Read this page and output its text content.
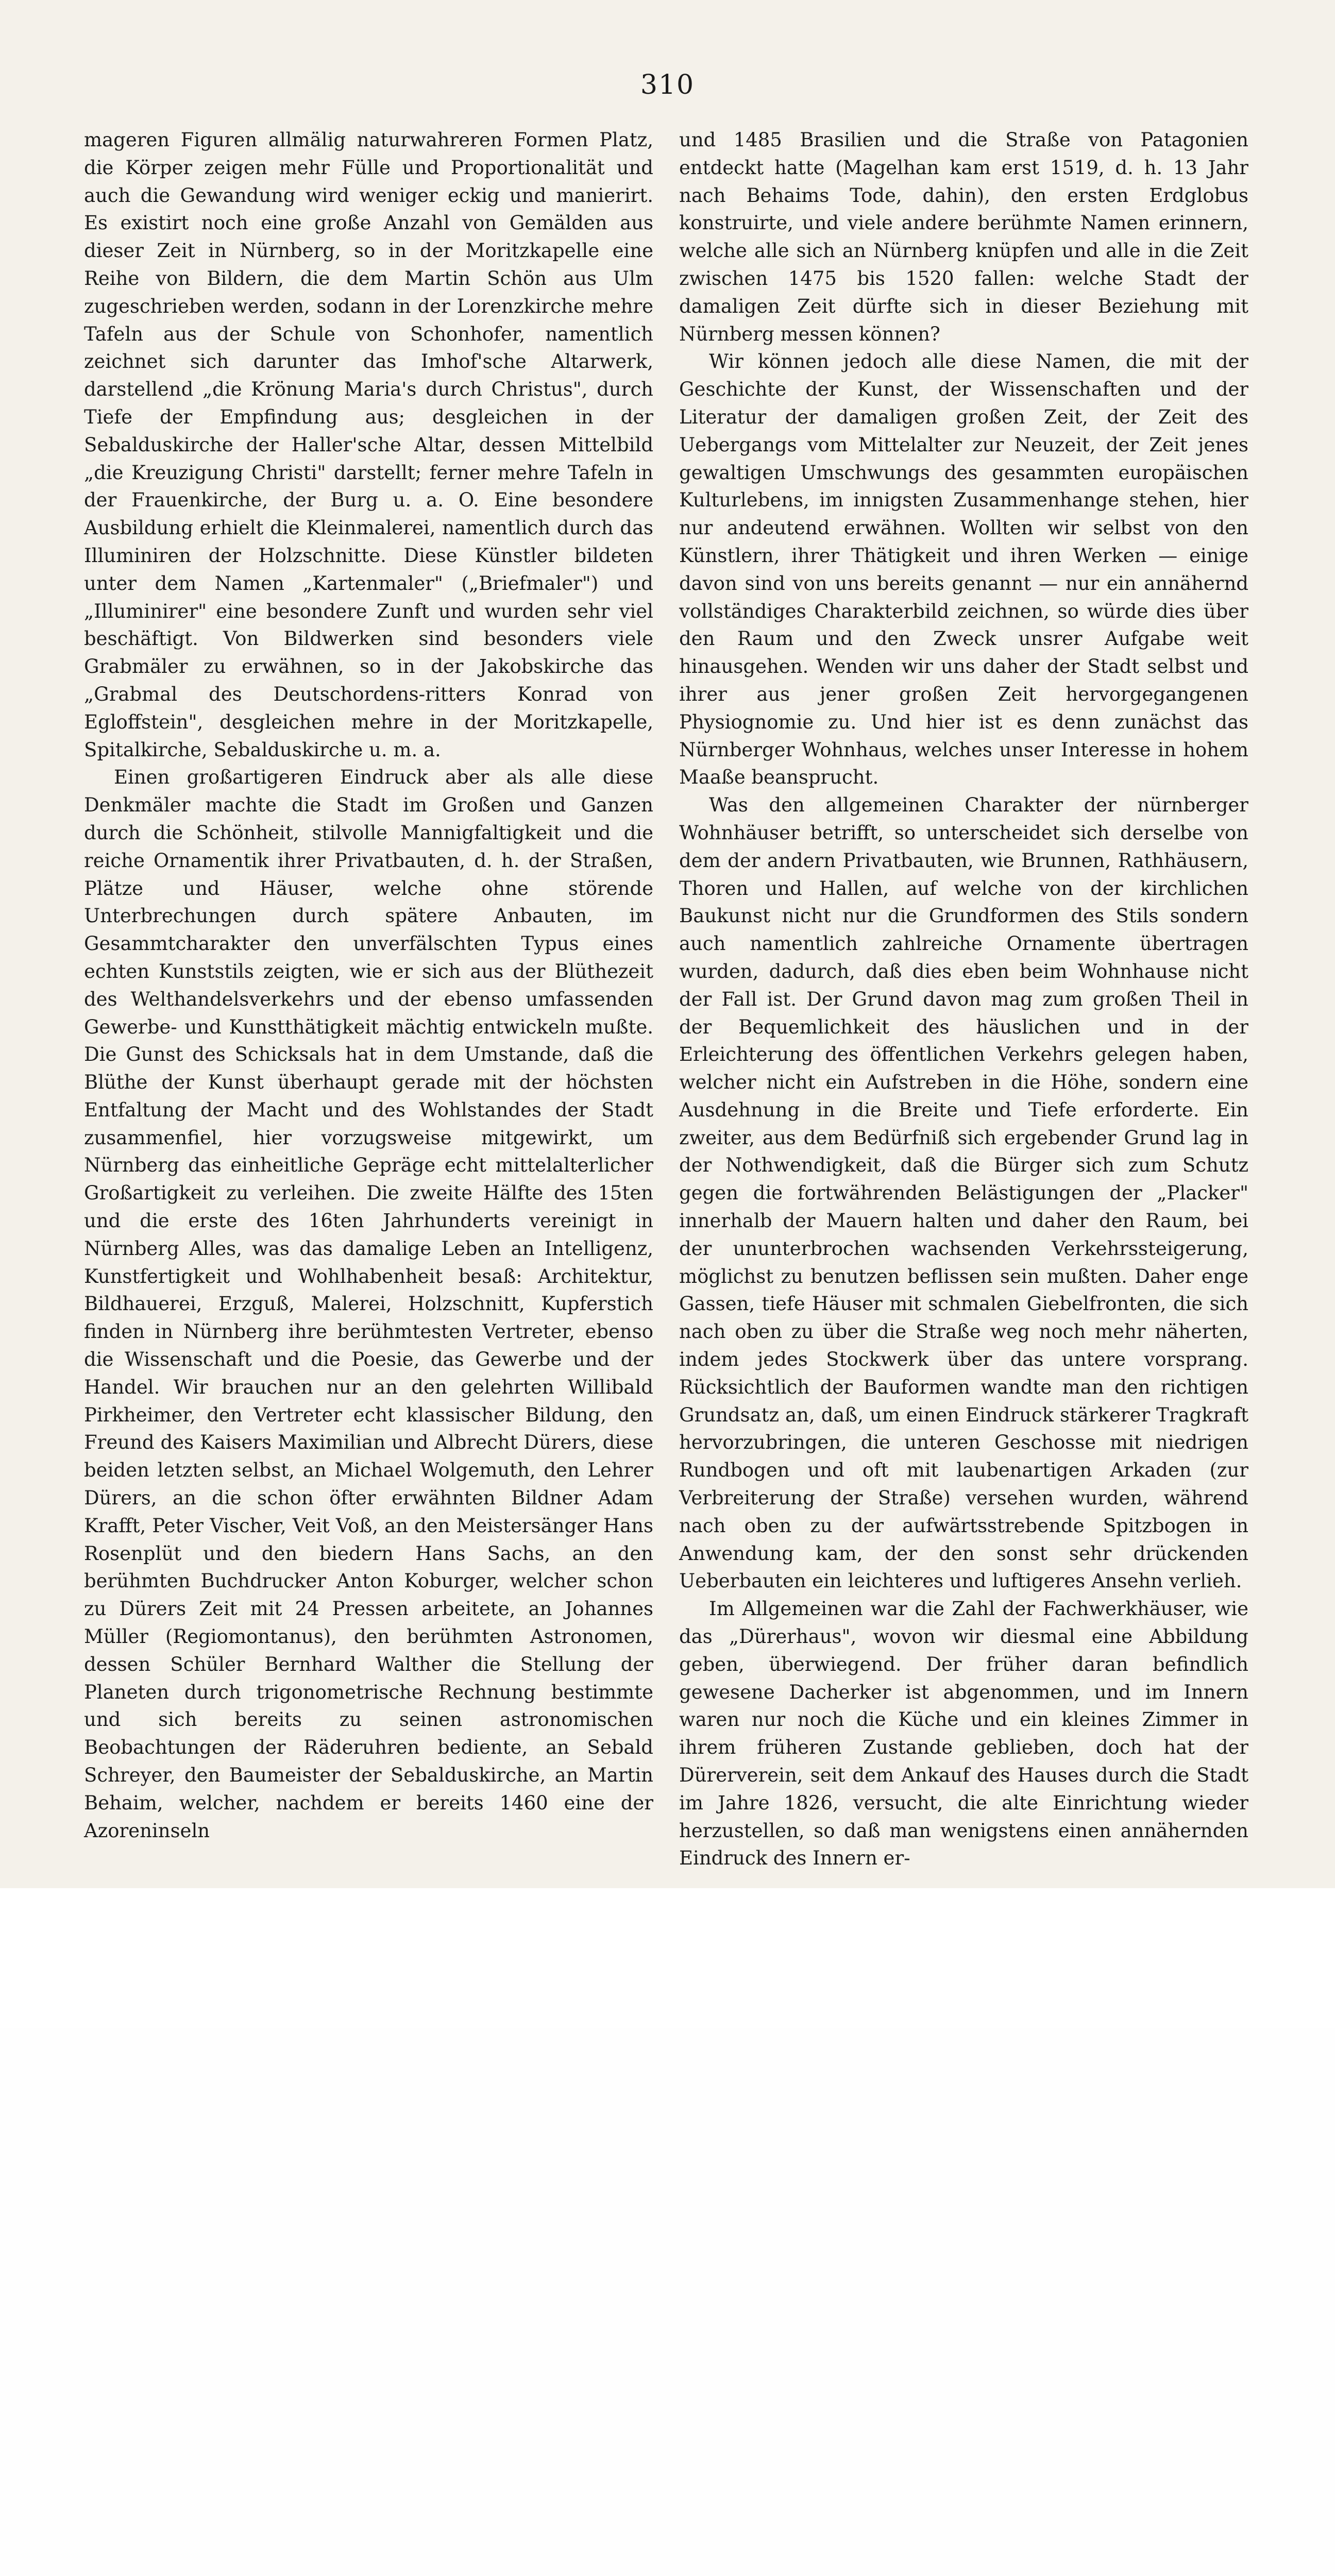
310

mageren Figuren allmälig naturwahreren Formen Platz, die Körper zeigen mehr Fülle und Proportionalität und auch die Gewandung wird weniger eckig und manierirt. Es existirt noch eine große Anzahl von Gemälden aus dieser Zeit in Nürnberg, so in der Moritzkapelle eine Reihe von Bildern, die dem Martin Schön aus Ulm zugeschrieben werden, sodann in der Lorenzkirche mehre Tafeln aus der Schule von Schonhofer, namentlich zeichnet sich darunter das Imhof'sche Altarwerk, darstellend „die Krönung Maria's durch Christus", durch Tiefe der Empfindung aus; desgleichen in der Sebalduskirche der Haller'sche Altar, dessen Mittelbild „die Kreuzigung Christi" darstellt; ferner mehre Tafeln in der Frauenkirche, der Burg u. a. O. Eine besondere Ausbildung erhielt die Kleinmalerei, namentlich durch das Illuminiren der Holzschnitte. Diese Künstler bildeten unter dem Namen „Kartenmaler" („Briefmaler") und „Illuminirer" eine besondere Zunft und wurden sehr viel beschäftigt. Von Bildwerken sind besonders viele Grabmäler zu erwähnen, so in der Jakobskirche das „Grabmal des Deutschordens-ritters Konrad von Egloffstein", desgleichen mehre in der Moritzkapelle, Spitalkirche, Sebalduskirche u. m. a.

Einen großartigeren Eindruck aber als alle diese Denkmäler machte die Stadt im Großen und Ganzen durch die Schönheit, stilvolle Mannigfaltigkeit und die reiche Ornamentik ihrer Privatbauten, d. h. der Straßen, Plätze und Häuser, welche ohne störende Unterbrechungen durch spätere Anbauten, im Gesammtcharakter den unverfälschten Typus eines echten Kunststils zeigten, wie er sich aus der Blüthezeit des Welthandelsverkehrs und der ebenso umfassenden Gewerbe- und Kunstthätigkeit mächtig entwickeln mußte. Die Gunst des Schicksals hat in dem Umstande, daß die Blüthe der Kunst überhaupt gerade mit der höchsten Entfaltung der Macht und des Wohlstandes der Stadt zusammenfiel, hier vorzugsweise mitgewirkt, um Nürnberg das einheitliche Gepräge echt mittelalterlicher Großartigkeit zu verleihen. Die zweite Hälfte des 15ten und die erste des 16ten Jahrhunderts vereinigt in Nürnberg Alles, was das damalige Leben an Intelligenz, Kunstfertigkeit und Wohlhabenheit besaß: Architektur, Bildhauerei, Erzguß, Malerei, Holzschnitt, Kupferstich finden in Nürnberg ihre berühmtesten Vertreter, ebenso die Wissenschaft und die Poesie, das Gewerbe und der Handel. Wir brauchen nur an den gelehrten Willibald Pirkheimer, den Vertreter echt klassischer Bildung, den Freund des Kaisers Maximilian und Albrecht Dürers, diese beiden letzten selbst, an Michael Wolgemuth, den Lehrer Dürers, an die schon öfter erwähnten Bildner Adam Krafft, Peter Vischer, Veit Voß, an den Meistersänger Hans Rosenplüt und den biedern Hans Sachs, an den berühmten Buchdrucker Anton Koburger, welcher schon zu Dürers Zeit mit 24 Pressen arbeitete, an Johannes Müller (Regiomontanus), den berühmten Astronomen, dessen Schüler Bernhard Walther die Stellung der Planeten durch trigonometrische Rechnung bestimmte und sich bereits zu seinen astronomischen Beobachtungen der Räderuhren bediente, an Sebald Schreyer, den Baumeister der Sebalduskirche, an Martin Behaim, welcher, nachdem er bereits 1460 eine der Azoreninseln

und 1485 Brasilien und die Straße von Patagonien entdeckt hatte (Magelhan kam erst 1519, d. h. 13 Jahr nach Behaims Tode, dahin), den ersten Erdglobus konstruirte, und viele andere berühmte Namen erinnern, welche alle sich an Nürnberg knüpfen und alle in die Zeit zwischen 1475 bis 1520 fallen: welche Stadt der damaligen Zeit dürfte sich in dieser Beziehung mit Nürnberg messen können?

Wir können jedoch alle diese Namen, die mit der Geschichte der Kunst, der Wissenschaften und der Literatur der damaligen großen Zeit, der Zeit des Uebergangs vom Mittelalter zur Neuzeit, der Zeit jenes gewaltigen Umschwungs des gesammten europäischen Kulturlebens, im innigsten Zusammenhange stehen, hier nur andeutend erwähnen. Wollten wir selbst von den Künstlern, ihrer Thätigkeit und ihren Werken — einige davon sind von uns bereits genannt — nur ein annähernd vollständiges Charakterbild zeichnen, so würde dies über den Raum und den Zweck unsrer Aufgabe weit hinausgehen. Wenden wir uns daher der Stadt selbst und ihrer aus jener großen Zeit hervorgegangenen Physiognomie zu. Und hier ist es denn zunächst das Nürnberger Wohnhaus, welches unser Interesse in hohem Maaße beansprucht.

Was den allgemeinen Charakter der nürnberger Wohnhäuser betrifft, so unterscheidet sich derselbe von dem der andern Privatbauten, wie Brunnen, Rathhäusern, Thoren und Hallen, auf welche von der kirchlichen Baukunst nicht nur die Grundformen des Stils sondern auch namentlich zahlreiche Ornamente übertragen wurden, dadurch, daß dies eben beim Wohnhause nicht der Fall ist. Der Grund davon mag zum großen Theil in der Bequemlichkeit des häuslichen und in der Erleichterung des öffentlichen Verkehrs gelegen haben, welcher nicht ein Aufstreben in die Höhe, sondern eine Ausdehnung in die Breite und Tiefe erforderte. Ein zweiter, aus dem Bedürfniß sich ergebender Grund lag in der Nothwendigkeit, daß die Bürger sich zum Schutz gegen die fortwährenden Belästigungen der „Placker" innerhalb der Mauern halten und daher den Raum, bei der ununterbrochen wachsenden Verkehrssteigerung, möglichst zu benutzen beflissen sein mußten. Daher enge Gassen, tiefe Häuser mit schmalen Giebelfronten, die sich nach oben zu über die Straße weg noch mehr näherten, indem jedes Stockwerk über das untere vorsprang. Rücksichtlich der Bauformen wandte man den richtigen Grundsatz an, daß, um einen Eindruck stärkerer Tragkraft hervorzubringen, die unteren Geschosse mit niedrigen Rundbogen und oft mit laubenartigen Arkaden (zur Verbreiterung der Straße) versehen wurden, während nach oben zu der aufwärtsstrebende Spitzbogen in Anwendung kam, der den sonst sehr drückenden Ueberbauten ein leichteres und luftigeres Ansehn verlieh.

Im Allgemeinen war die Zahl der Fachwerkhäuser, wie das „Dürerhaus", wovon wir diesmal eine Abbildung geben, überwiegend. Der früher daran befindlich gewesene Dacherker ist abgenommen, und im Innern waren nur noch die Küche und ein kleines Zimmer in ihrem früheren Zustande geblieben, doch hat der Dürerverein, seit dem Ankauf des Hauses durch die Stadt im Jahre 1826, versucht, die alte Einrichtung wieder herzustellen, so daß man wenigstens einen annähernden Eindruck des Innern er-
